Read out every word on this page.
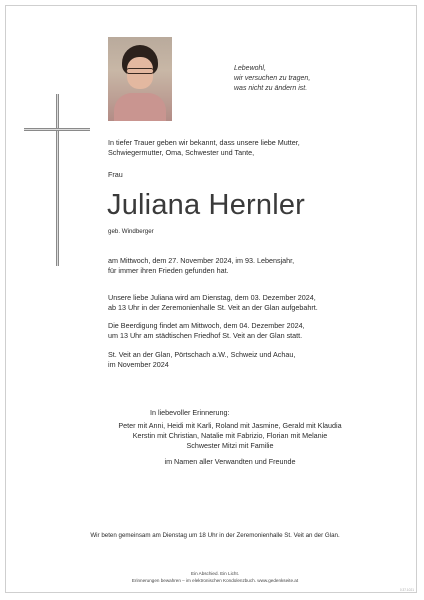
Lebewohl,
wir versuchen zu tragen,
was nicht zu ändern ist.
In tiefer Trauer geben wir bekannt, dass unsere liebe Mutter,
Schwiegermutter, Oma, Schwester und Tante,
Frau
Juliana Hernler
geb. Windberger
am Mittwoch, dem 27. November 2024, im 93. Lebensjahr,
für immer ihren Frieden gefunden hat.
Unsere liebe Juliana wird am Dienstag, dem 03. Dezember 2024,
ab 13 Uhr in der Zeremonienhalle St. Veit an der Glan aufgebahrt.
Die Beerdigung findet am Mittwoch, dem 04. Dezember 2024,
um 13 Uhr am städtischen Friedhof St. Veit an der Glan statt.
St. Veit an der Glan, Pörtschach a.W., Schweiz und Achau,
im November 2024
In liebevoller Erinnerung:
Peter mit Anni, Heidi mit Karli, Roland mit Jasmine, Gerald mit Klaudia
Kerstin mit Christian, Natalie mit Fabrizio, Florian mit Melanie
Schwester Mitzi mit Familie
im Namen aller Verwandten und Freunde
Wir beten gemeinsam am Dienstag um 18 Uhr in der Zeremonienhalle St. Veit an der Glan.
Ein Abschied. Ein Licht.
Erinnerungen bewahren – im elektronischen Kondolenzbuch. www.gedenkseite.at
0.37.1021
